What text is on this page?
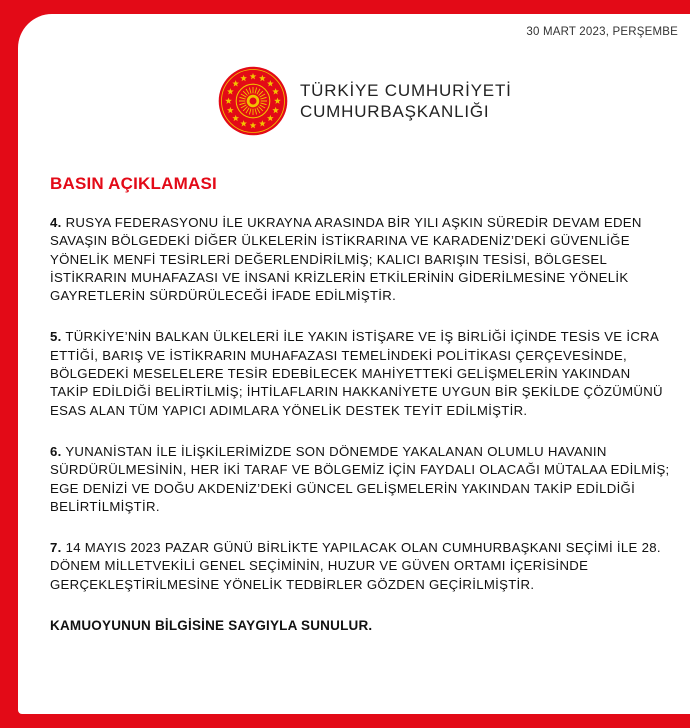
30 MART 2023, PERŞEMBE
TÜRKİYE CUMHURİYETİ
CUMHURBAŞKANLIĞI
BASIN AÇIKLAMASI

4. RUSYA FEDERASYONU İLE UKRAYNA ARASINDA BİR YILI AŞKIN SÜREDİR DEVAM EDEN SAVAŞIN BÖLGEDEKİ DİĞER ÜLKELERİN İSTİKRARINA VE KARADENİZ’DEKİ GÜVENLİĞE YÖNELİK MENFİ TESİRLERİ DEĞERLENDİRİLMİŞ; KALICI BARIŞIN TESİSİ, BÖLGESEL İSTİKRARIN MUHAFAZASI VE İNSANİ KRİZLERİN ETKİLERİNİN GİDERİLMESİNE YÖNELİK GAYRETLERİN SÜRDÜRÜLECEĞİ İFADE EDİLMİŞTİR.

5. TÜRKİYE’NİN BALKAN ÜLKELERİ İLE YAKIN İSTİŞARE VE İŞ BİRLİĞİ İÇİNDE TESİS VE İCRA ETTİĞİ, BARIŞ VE İSTİKRARIN MUHAFAZASI TEMELİNDEKİ POLİTİKASI ÇERÇEVESİNDE, BÖLGEDEKİ MESELELERE TESİR EDEBİLECEK MAHİYETTEKİ GELİŞMELERİN YAKINDAN TAKİP EDİLDİĞİ BELİRTİLMİŞ; İHTİLAFLARIN HAKKANİYETE UYGUN BİR ŞEKİLDE ÇÖZÜMÜNÜ ESAS ALAN TÜM YAPICI ADIMLARA YÖNELİK DESTEK TEYİT EDİLMİŞTİR.

6. YUNANİSTAN İLE İLİŞKİLERİMİZDE SON DÖNEMDE YAKALANAN OLUMLU HAVANIN SÜRDÜRÜLMESİNİN, HER İKİ TARAF VE BÖLGEMİZ İÇİN FAYDALI OLACAĞI MÜTALAA EDİLMİŞ; EGE DENİZİ VE DOĞU AKDENİZ’DEKİ GÜNCEL GELİŞMELERİN YAKINDAN TAKİP EDİLDİĞİ BELİRTİLMİŞTİR.

7. 14 MAYIS 2023 PAZAR GÜNÜ BİRLİKTE YAPILACAK OLAN CUMHURBAŞKANI SEÇİMİ İLE 28. DÖNEM MİLLETVEKİLİ GENEL SEÇİMİNİN, HUZUR VE GÜVEN ORTAMI İÇERİSİNDE GERÇEKLEŞTİRİLMESİNE YÖNELİK TEDBİRLER GÖZDEN GEÇİRİLMİŞTİR.

KAMUOYUNUN BİLGİSİNE SAYGIYLA SUNULUR.
